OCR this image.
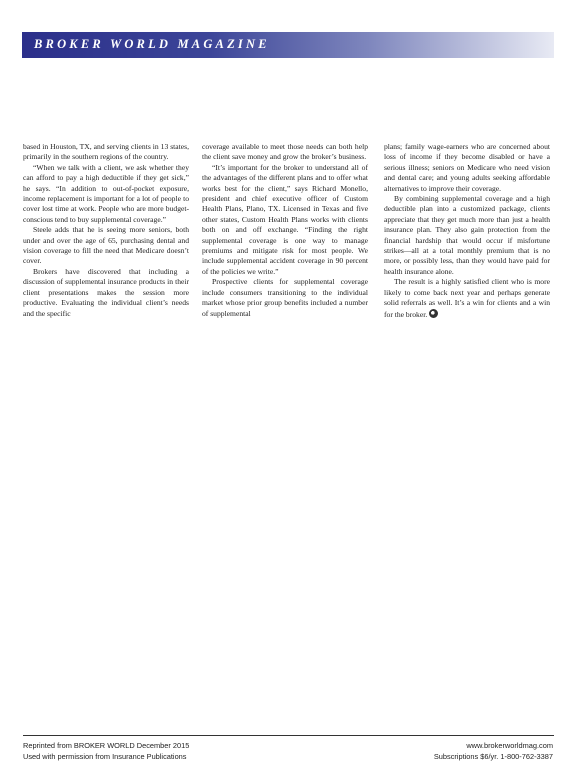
BROKER WORLD MAGAZINE

based in Houston, TX, and serving clients in 13 states, primarily in the southern regions of the country.

“When we talk with a client, we ask whether they can afford to pay a high deductible if they get sick,” he says. “In addition to out-of-pocket exposure, income replacement is important for a lot of people to cover lost time at work. People who are more budget-conscious tend to buy supplemental coverage.”

Steele adds that he is seeing more seniors, both under and over the age of 65, purchasing dental and vision coverage to fill the need that Medicare doesn’t cover.

Brokers have discovered that including a discussion of supplemental insurance products in their client presentations makes the session more productive. Evaluating the individual client’s needs and the specific

coverage available to meet those needs can both help the client save money and grow the broker’s business.

“It’s important for the broker to understand all of the advantages of the different plans and to offer what works best for the client,” says Richard Monello, president and chief executive officer of Custom Health Plans, Plano, TX. Licensed in Texas and five other states, Custom Health Plans works with clients both on and off exchange. “Finding the right supplemental coverage is one way to manage premiums and mitigate risk for most people. We include supplemental accident coverage in 90 percent of the policies we write.”

Prospective clients for supplemental coverage include consumers transitioning to the individual market whose prior group benefits included a number of supplemental

plans; family wage-earners who are concerned about loss of income if they become disabled or have a serious illness; seniors on Medicare who need vision and dental care; and young adults seeking affordable alternatives to improve their coverage.

By combining supplemental coverage and a high deductible plan into a customized package, clients appreciate that they get much more than just a health insurance plan. They also gain protection from the financial hardship that would occur if misfortune strikes—all at a total monthly premium that is no more, or possibly less, than they would have paid for health insurance alone.

The result is a highly satisfied client who is more likely to come back next year and perhaps generate solid referrals as well. It’s a win for clients and a win for the broker.

Reprinted from BROKER WORLD December 2015
Used with permission from Insurance Publications
www.brokerworldmag.com
Subscriptions $6/yr. 1-800-762-3387
